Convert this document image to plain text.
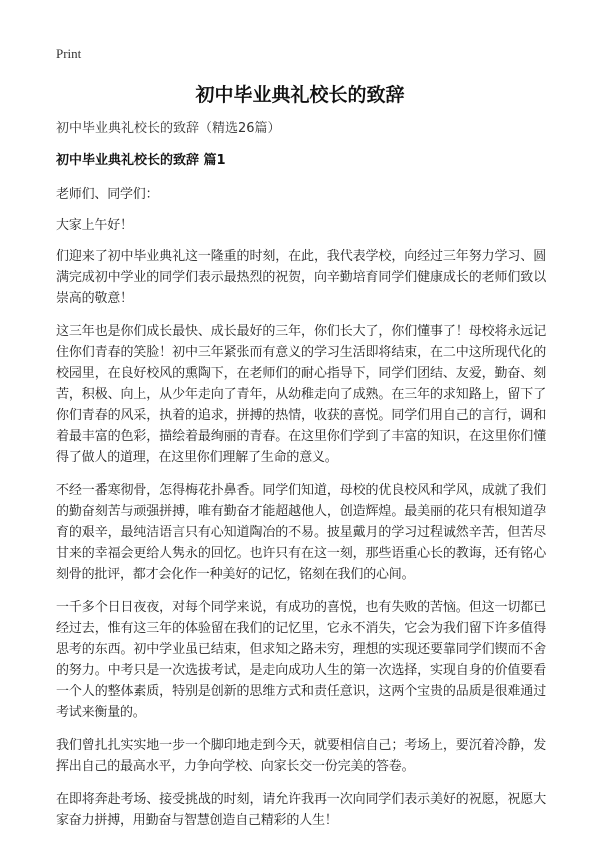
Print
初中毕业典礼校长的致辞

初中毕业典礼校长的致辞（精选26篇）

初中毕业典礼校长的致辞 篇1

老师们、同学们：

大家上午好！

们迎来了初中毕业典礼这一隆重的时刻，在此，我代表学校，向经过三年努力学习、圆满完成初中学业的同学们表示最热烈的祝贺，向辛勤培育同学们健康成长的老师们致以崇高的敬意！

这三年也是你们成长最快、成长最好的三年，你们长大了，你们懂事了！母校将永远记住你们青春的笑脸！初中三年紧张而有意义的学习生活即将结束，在二中这所现代化的校园里，在良好校风的熏陶下，在老师们的耐心指导下，同学们团结、友爱，勤奋、刻苦，积极、向上，从少年走向了青年，从幼稚走向了成熟。在三年的求知路上，留下了你们青春的风采，执着的追求，拼搏的热情，收获的喜悦。同学们用自己的言行，调和着最丰富的色彩，描绘着最绚丽的青春。在这里你们学到了丰富的知识，在这里你们懂得了做人的道理，在这里你们理解了生命的意义。

不经一番寒彻骨，怎得梅花扑鼻香。同学们知道，母校的优良校风和学风，成就了我们的勤奋刻苦与顽强拼搏，唯有勤奋才能超越他人，创造辉煌。最美丽的花只有根知道孕育的艰辛，最纯洁语言只有心知道陶冶的不易。披星戴月的学习过程诚然辛苦，但苦尽甘来的幸福会更给人隽永的回忆。也许只有在这一刻，那些语重心长的教诲，还有铭心刻骨的批评，都才会化作一种美好的记忆，铭刻在我们的心间。

一千多个日日夜夜，对每个同学来说，有成功的喜悦，也有失败的苦恼。但这一切都已经过去，惟有这三年的体验留在我们的记忆里，它永不消失，它会为我们留下许多值得思考的东西。初中学业虽已结束，但求知之路未穷，理想的实现还要靠同学们锲而不舍的努力。中考只是一次选拔考试，是走向成功人生的第一次选择，实现自身的价值要看一个人的整体素质，特别是创新的思维方式和责任意识，这两个宝贵的品质是很难通过考试来衡量的。

我们曾扎扎实实地一步一个脚印地走到今天，就要相信自己；考场上，要沉着冷静，发挥出自己的最高水平，力争向学校、向家长交一份完美的答卷。

在即将奔赴考场、接受挑战的时刻，请允许我再一次向同学们表示美好的祝愿，祝愿大家奋力拼搏，用勤奋与智慧创造自己精彩的人生！
